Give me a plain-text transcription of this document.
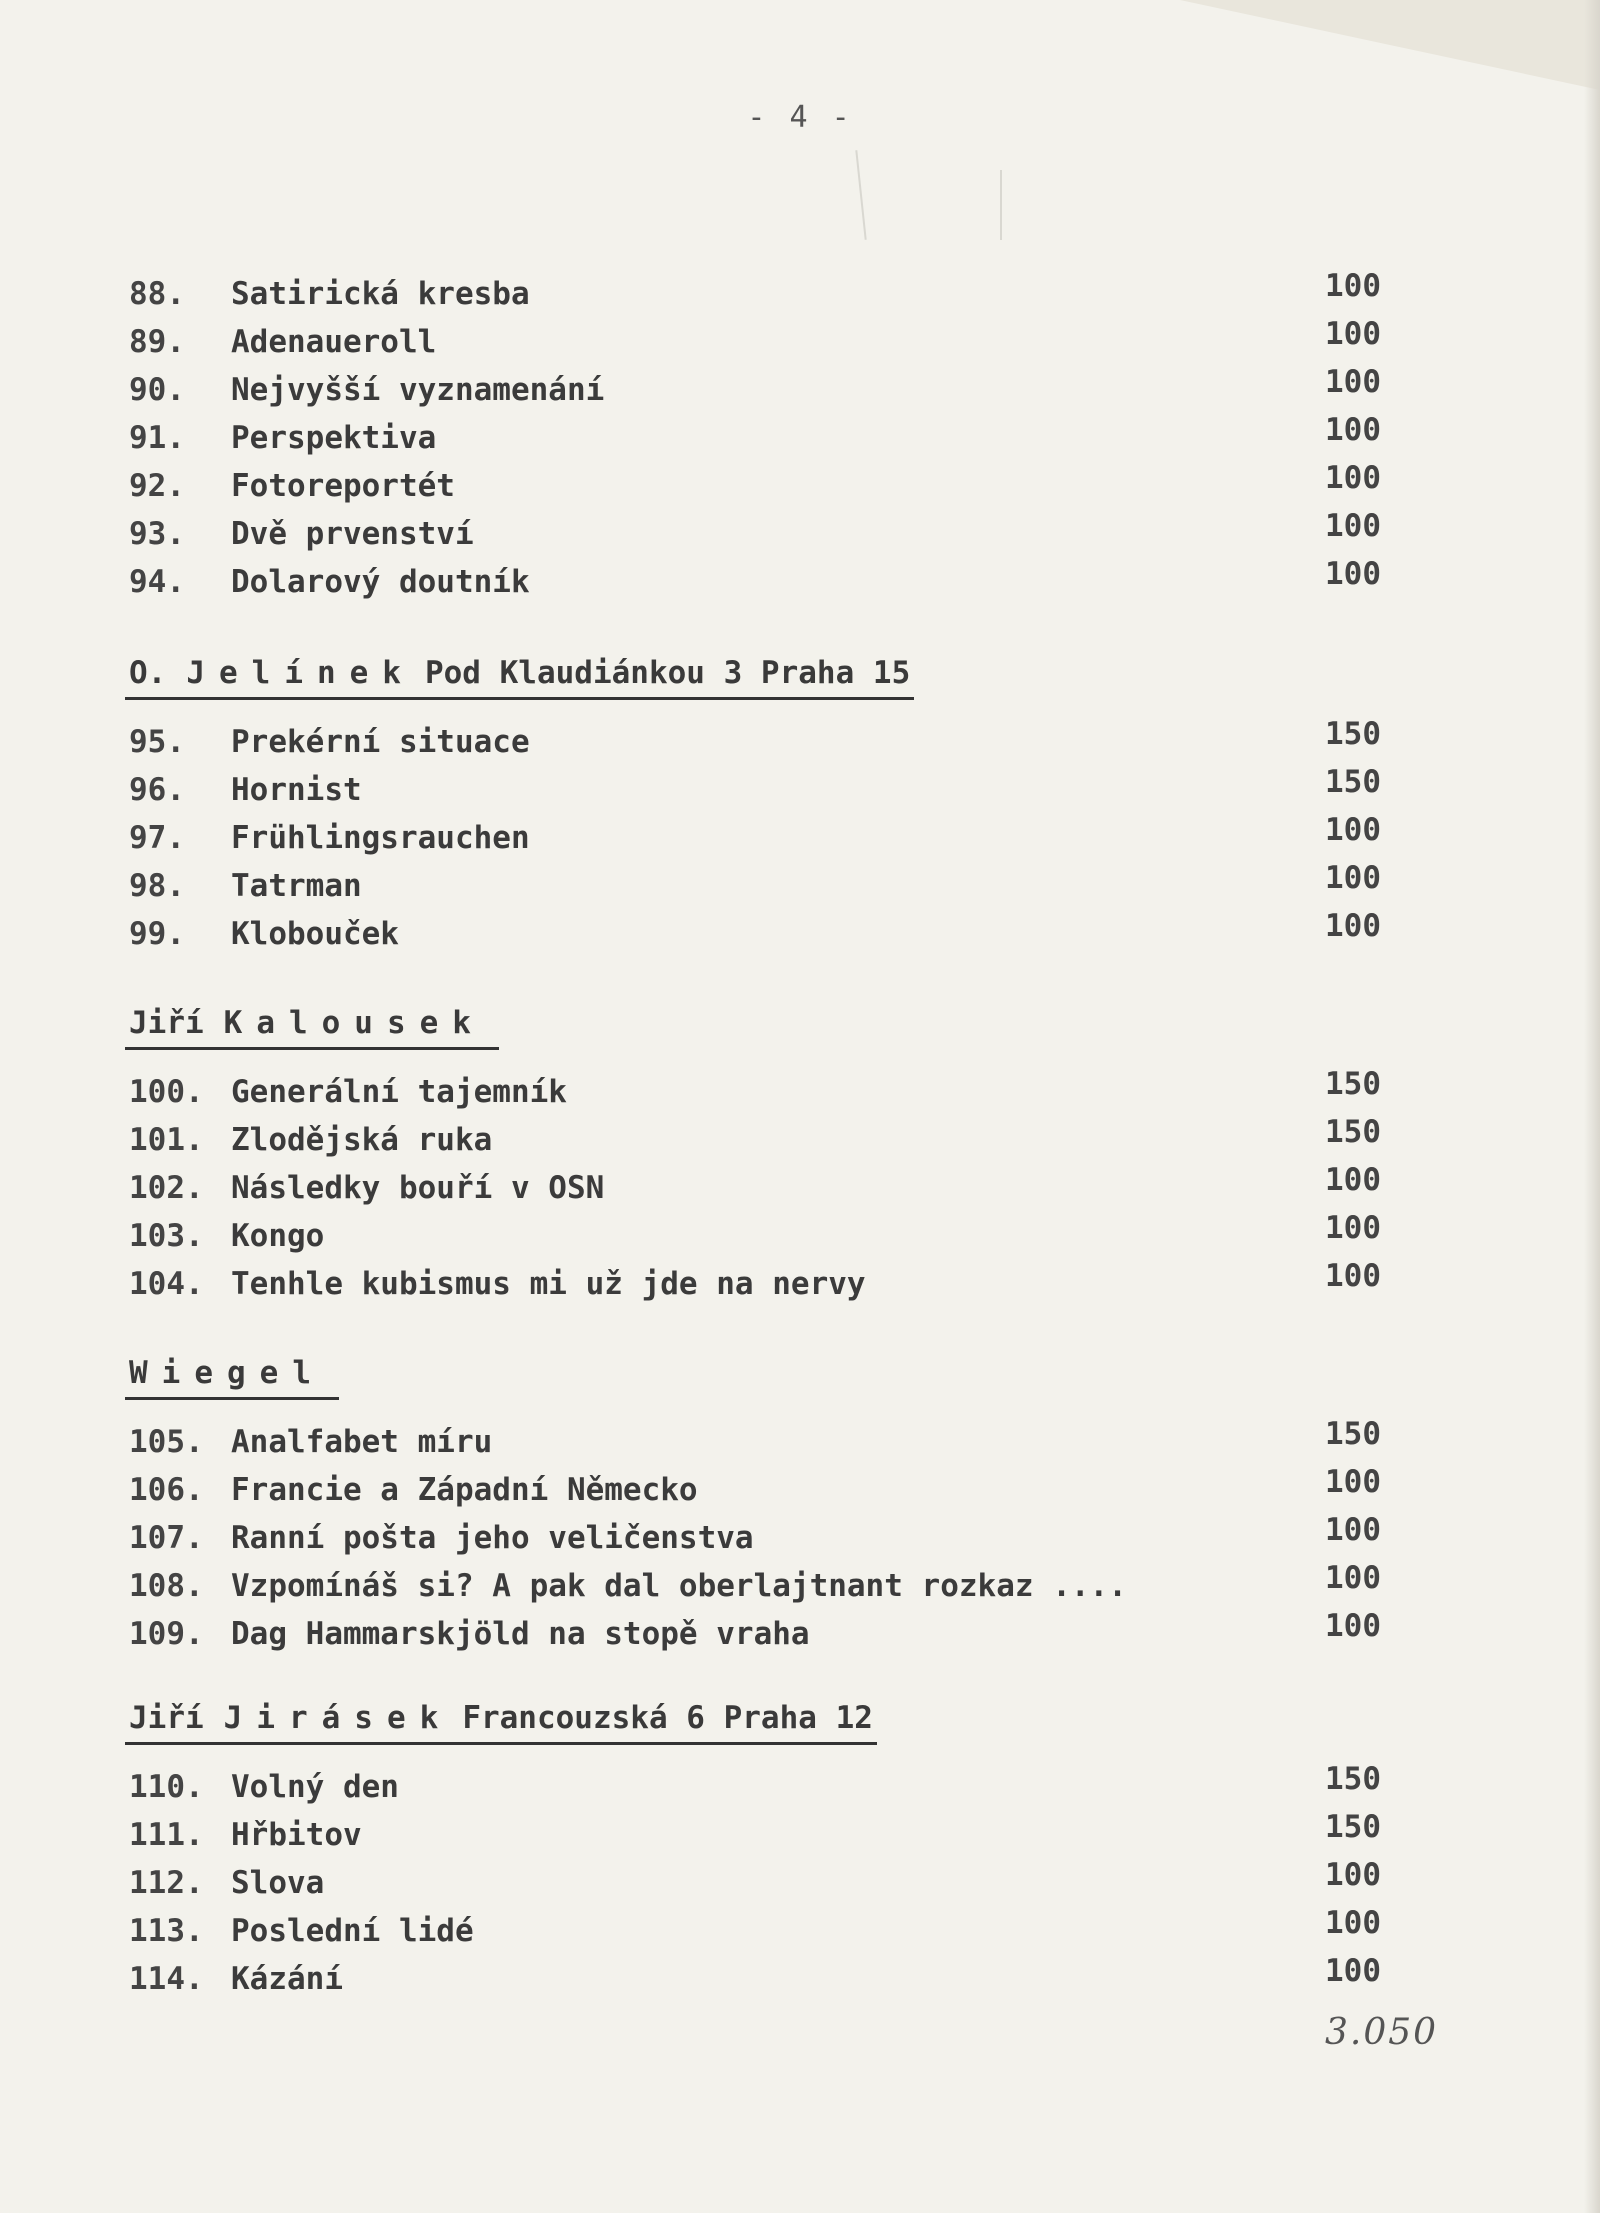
- 4 -
88.	Satirická kresba	100
89.	Adenaueroll	100
90.	Nejvyšší vyznamenání	100
91.	Perspektiva	100
92.	Fotoreportét	100
93.	Dvě prvenství	100
94.	Dolarový doutník	100
O. Jelínek Pod Klaudiánkou 3 Praha 15
95.	Prekérní situace	150
96.	Hornist	150
97.	Frühlingsrauchen	100
98.	Tatrman	100
99.	Klobouček	100
Jiří Kalousek
100. Generální tajemník	150
101. Zlodějská ruka	150
102. Následky bouří v OSN	100
103. Kongo	100
104. Tenhle kubismus mi už jde na nervy	100
Wiegel
105. Analfabet míru	150
106. Francie a Západní Německo	100
107. Ranní pošta jeho veličenstva	100
108. Vzpomínáš si? A pak dal oberlajtnant rozkaz ....	100
109. Dag Hammarskjöld na stopě vraha	100
Jiří Jirásek Francouzská 6 Praha 12
110. Volný den	150
111. Hřbitov	150
112. Slova	100
113. Poslední lidé	100
114. Kázání	100
3.050
